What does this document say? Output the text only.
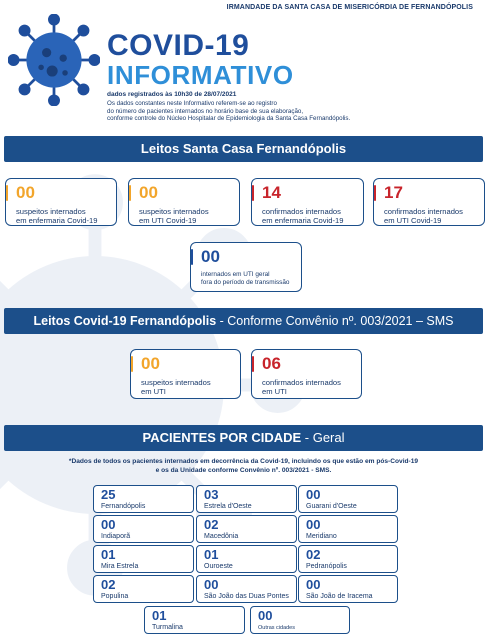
IRMANDADE DA SANTA CASA DE MISERICÓRDIA DE FERNANDÓPOLIS
COVID-19
INFORMATIVO
dados registrados às 10h30 de 28/07/2021
Os dados constantes neste Informativo referem-se ao registro
do número de pacientes internados no horário base de sua elaboração,
conforme controle do Núcleo Hospitalar de Epidemiologia da Santa Casa Fernandópolis.
Leitos Santa Casa Fernandópolis
00
suspeitos internados
em enfermaria Covid-19
00
suspeitos internados
em UTI Covid-19
14
confirmados internados
em enfermaria Covid-19
17
confirmados internados
em UTI Covid-19
00
internados em UTI geral
fora do período de transmissão
Leitos Covid-19 Fernandópolis - Conforme Convênio nº. 003/2021 – SMS
00
suspeitos internados
em UTI
06
confirmados internados
em UTI
PACIENTES POR CIDADE - Geral
*Dados de todos os pacientes internados em decorrência da Covid-19, incluindo os que estão em pós-Covid-19
e os da Unidade conforme Convênio nº. 003/2021 - SMS.
25
Fernandópolis
03
Estrela d'Oeste
00
Guarani d'Oeste
00
Indiaporã
02
Macedônia
00
Meridiano
01
Mira Estrela
01
Ouroeste
02
Pedranópolis
02
Populina
00
São João das Duas Pontes
00
São João de Iracema
01
Turmalina
00
Outras cidades
